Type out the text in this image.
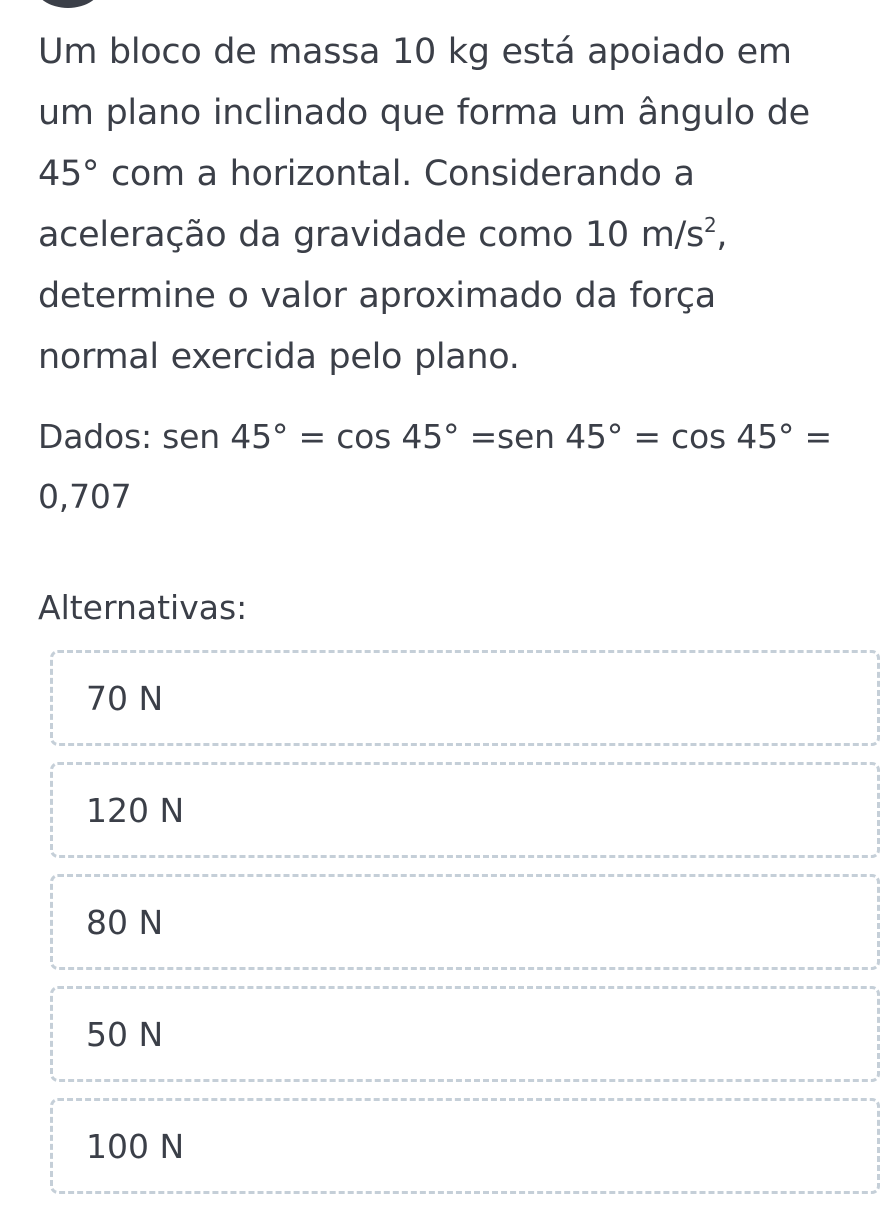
Um bloco de massa 10 kg está apoiado em
um plano inclinado que forma um ângulo de
45° com a horizontal. Considerando a
aceleração da gravidade como 10 $m/s^2$,
determine o valor aproximado da força
normal exercida pelo plano.
Dados: sen 45° = cos 45° =sen 45° = cos 45° =
0,707
Alternativas:
70 N
120 N
80 N
50 N
100 N
